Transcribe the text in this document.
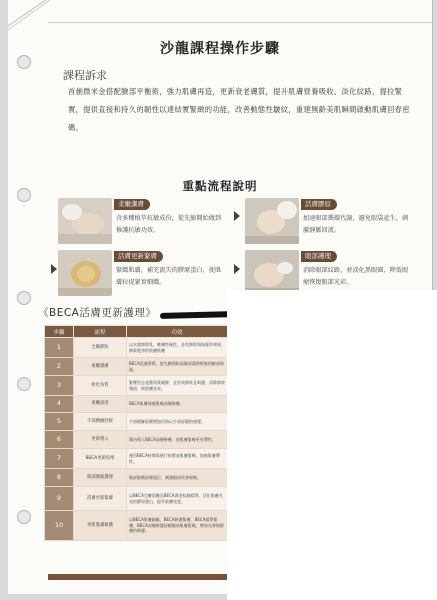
沙龍課程操作步驟
課程訴求
首創微米金搭配臉部平衡術，強力肌膚再造，更新衰老膚質，提升肌膚營養吸收、淡化紋路，提拉緊實，提供直接和持久的韌性以達結實緊緻的功能，改善動態性皺紋，重建無齡美肌瞬間啟動肌膚回春密碼。
重點流程說明
柔嫩潔膚
含多種植萃抗敏成份，從先臉開始做到修護抗敏功效。
活膚膠原
加速眼部循環代謝，避免眼袋產生，刺激靜脈回流。
活膚更新緊膚
緊緻肌膚，補充流失的膠原蛋白，使肌膚拉提緊實細緻。
眼部護理
消除眼部紋路，並淡化黑眼圈，降低眼瘤恢復眼部光彩。
《BECA活膚更新護理》
步驟	流程	功效
1	全臉卸妝	以水感卸妝乳，輕膚性極性，並有卸妝與保濕有效果、卸妝乾淨的肌膚肌膚
2	柔嫩潔膚	BECA洗顏慕斯，從先臉開始深層清潔卸妝後的臉部保濕。
3	軟化角質	緊壓型去老舊角質凝膠，並有效卸妝且呵護，清除卸妝殘留，使肌膚光亮。
4	柔嫩深清	BECA肌膚保養緊緻深層修膚。
5	手部精緻舒緩	手部緩解舒緩增加活絡以手部舒緩的感覺。
6	更新導入	藉由導入BECA深層修膚，使肌膚緊緻更有彈性。
7	BECA更新按摩	運用BECA按摩霜進行按摩並肌膚緊緻，加強肌膚彈性。
8	眼部微鬆護理	眼部緊緻舒緩電位，刺激眼部改善視線。
9	活膚更新緊膚	以BECA完膚面膜及BECA黃金紋路精華，活化肌膚光亮的膠原蛋白，提升肌膚亮度。
10	更新緊膚修護	以BECA肌膚細膩，BECA修護緊膚、BECA精華緊膚，BECA深層修護舒緩眼部肌膚緊緻，增加光澤與韌膚的修護。
